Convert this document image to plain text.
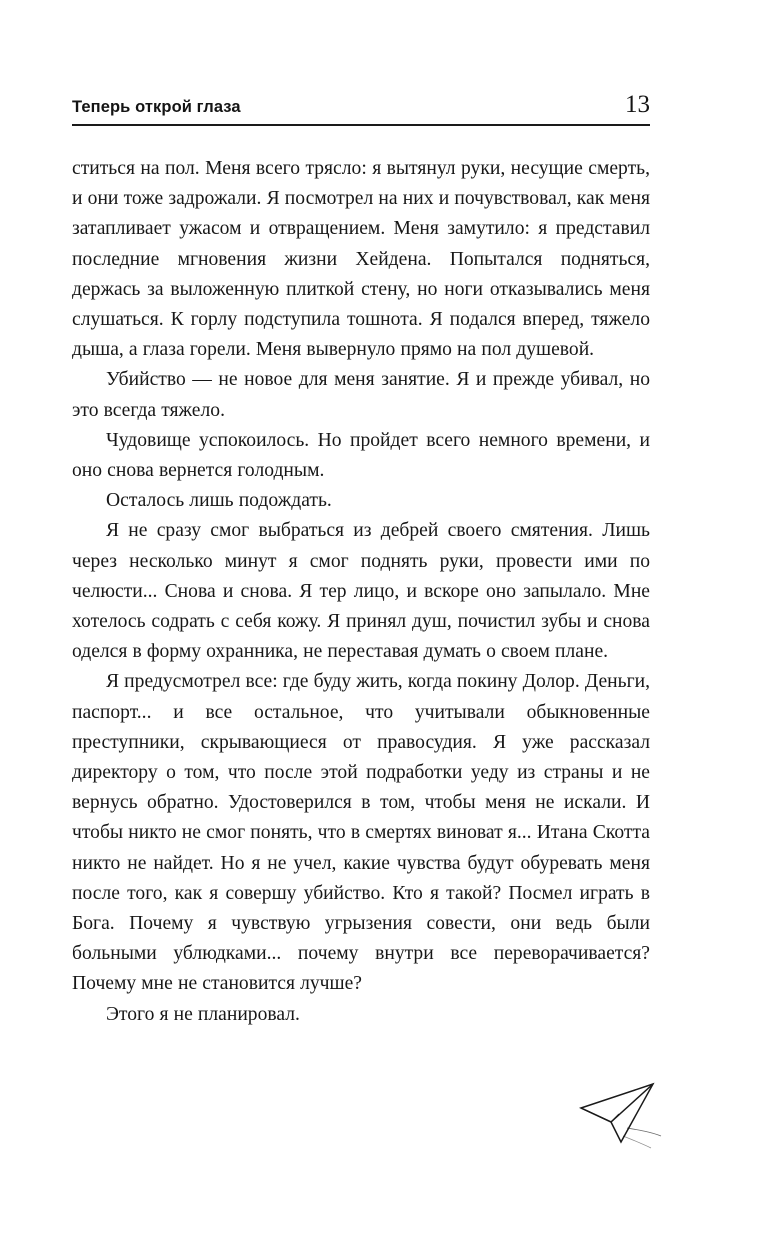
Теперь открой глаза	13

ститься на пол. Меня всего трясло: я вытянул руки, несущие смерть, и они тоже задрожали. Я посмотрел на них и почувствовал, как меня затапливает ужасом и отвращением. Меня замутило: я представил последние мгновения жизни Хейдена. Попытался подняться, держась за выложенную плиткой стену, но ноги отказывались меня слушаться. К горлу подступила тошнота. Я подался вперед, тяжело дыша, а глаза горели. Меня вывернуло прямо на пол душевой.

Убийство — не новое для меня занятие. Я и прежде убивал, но это всегда тяжело.

Чудовище успокоилось. Но пройдет всего немного времени, и оно снова вернется голодным.

Осталось лишь подождать.

Я не сразу смог выбраться из дебрей своего смятения. Лишь через несколько минут я смог поднять руки, провести ими по челюсти... Снова и снова. Я тер лицо, и вскоре оно запылало. Мне хотелось содрать с себя кожу. Я принял душ, почистил зубы и снова оделся в форму охранника, не переставая думать о своем плане.

Я предусмотрел все: где буду жить, когда покину Долор. Деньги, паспорт... и все остальное, что учитывали обыкновенные преступники, скрывающиеся от правосудия. Я уже рассказал директору о том, что после этой подработки уеду из страны и не вернусь обратно. Удостоверился в том, чтобы меня не искали. И чтобы никто не смог понять, что в смертях виноват я... Итана Скотта никто не найдет. Но я не учел, какие чувства будут обуревать меня после того, как я совершу убийство. Кто я такой? Посмел играть в Бога. Почему я чувствую угрызения совести, они ведь были больными ублюдками... почему внутри все переворачивается? Почему мне не становится лучше?

Этого я не планировал.
